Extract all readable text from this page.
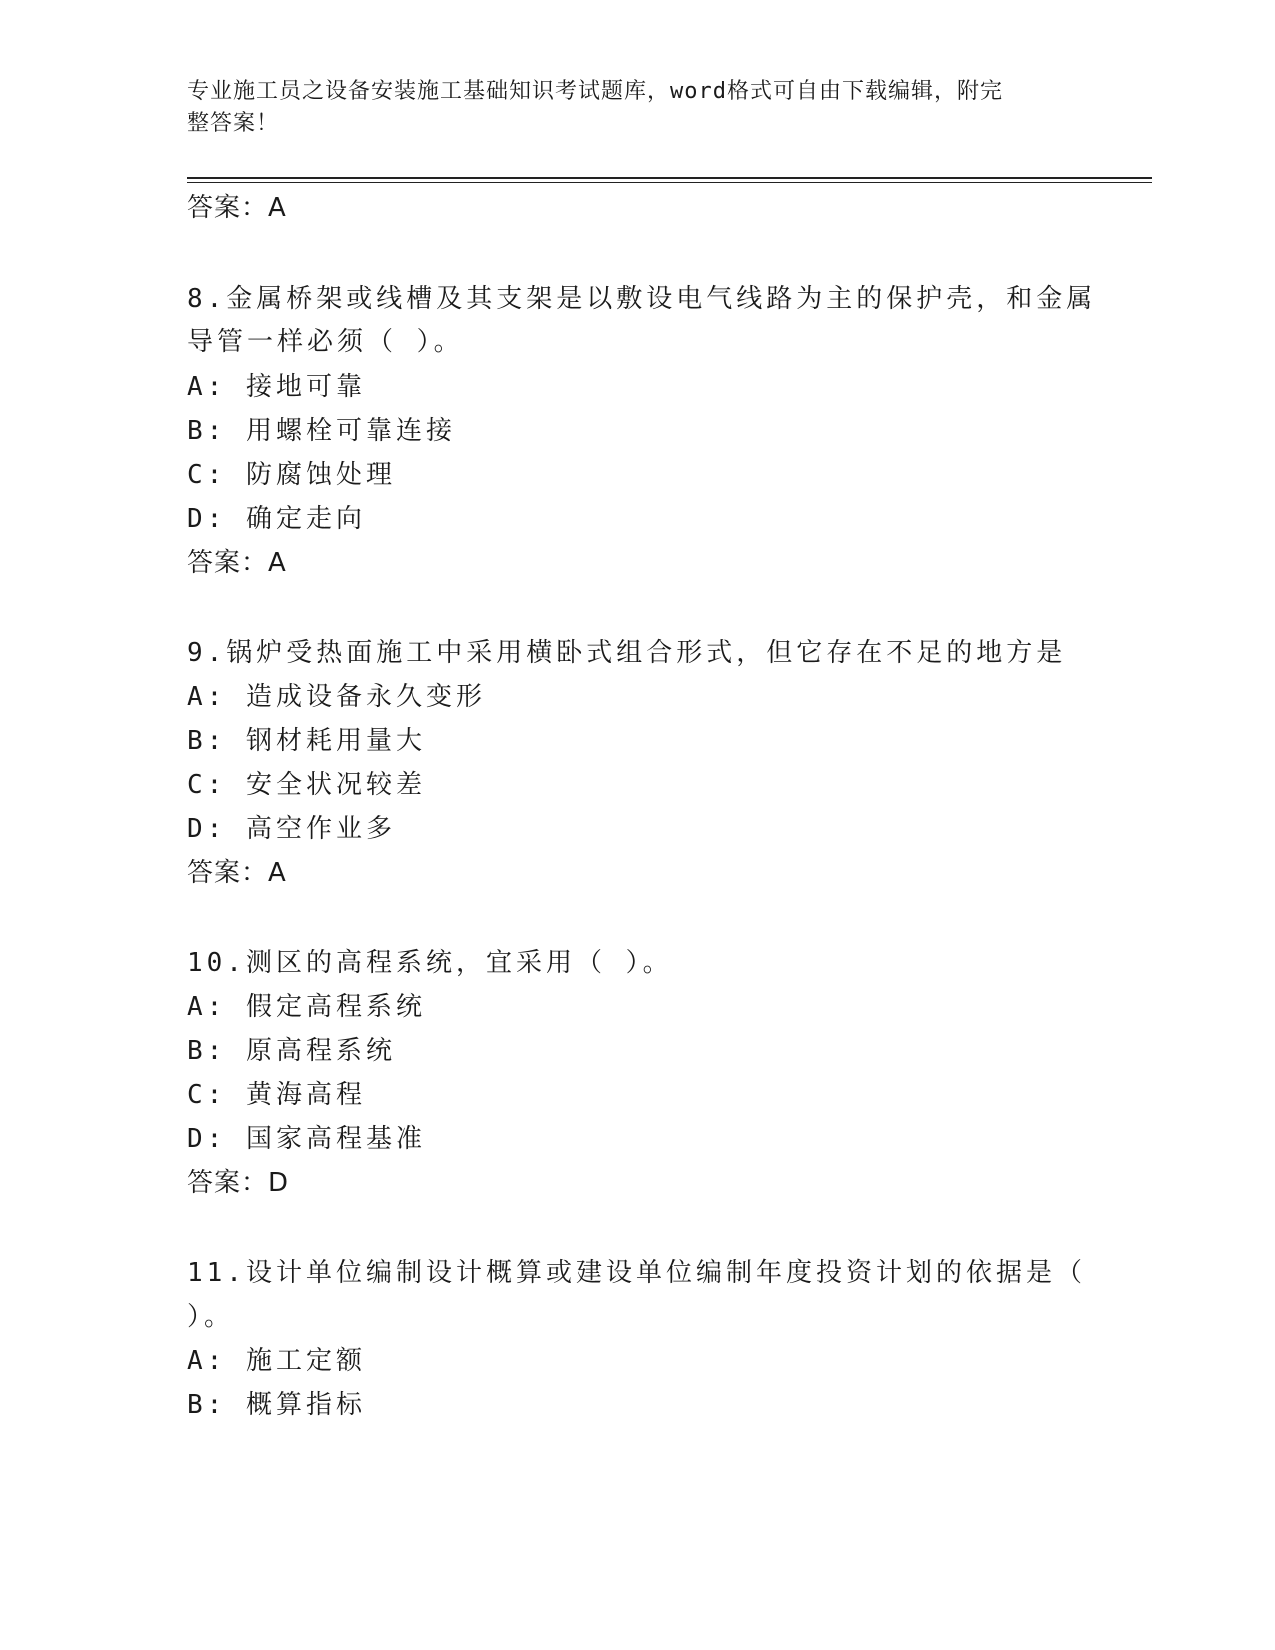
专业施工员之设备安装施工基础知识考试题库，word格式可自由下载编辑，附完
整答案！
答案：A
8.金属桥架或线槽及其支架是以敷设电气线路为主的保护壳，和金属
导管一样必须（ ）。
A: 接地可靠
B: 用螺栓可靠连接
C: 防腐蚀处理
D: 确定走向
答案：A
9.锅炉受热面施工中采用横卧式组合形式，但它存在不足的地方是
A: 造成设备永久变形
B: 钢材耗用量大
C: 安全状况较差
D: 高空作业多
答案：A
10.测区的高程系统，宜采用（ ）。
A: 假定高程系统
B: 原高程系统
C: 黄海高程
D: 国家高程基准
答案：D
11.设计单位编制设计概算或建设单位编制年度投资计划的依据是（
）。
A: 施工定额
B: 概算指标
